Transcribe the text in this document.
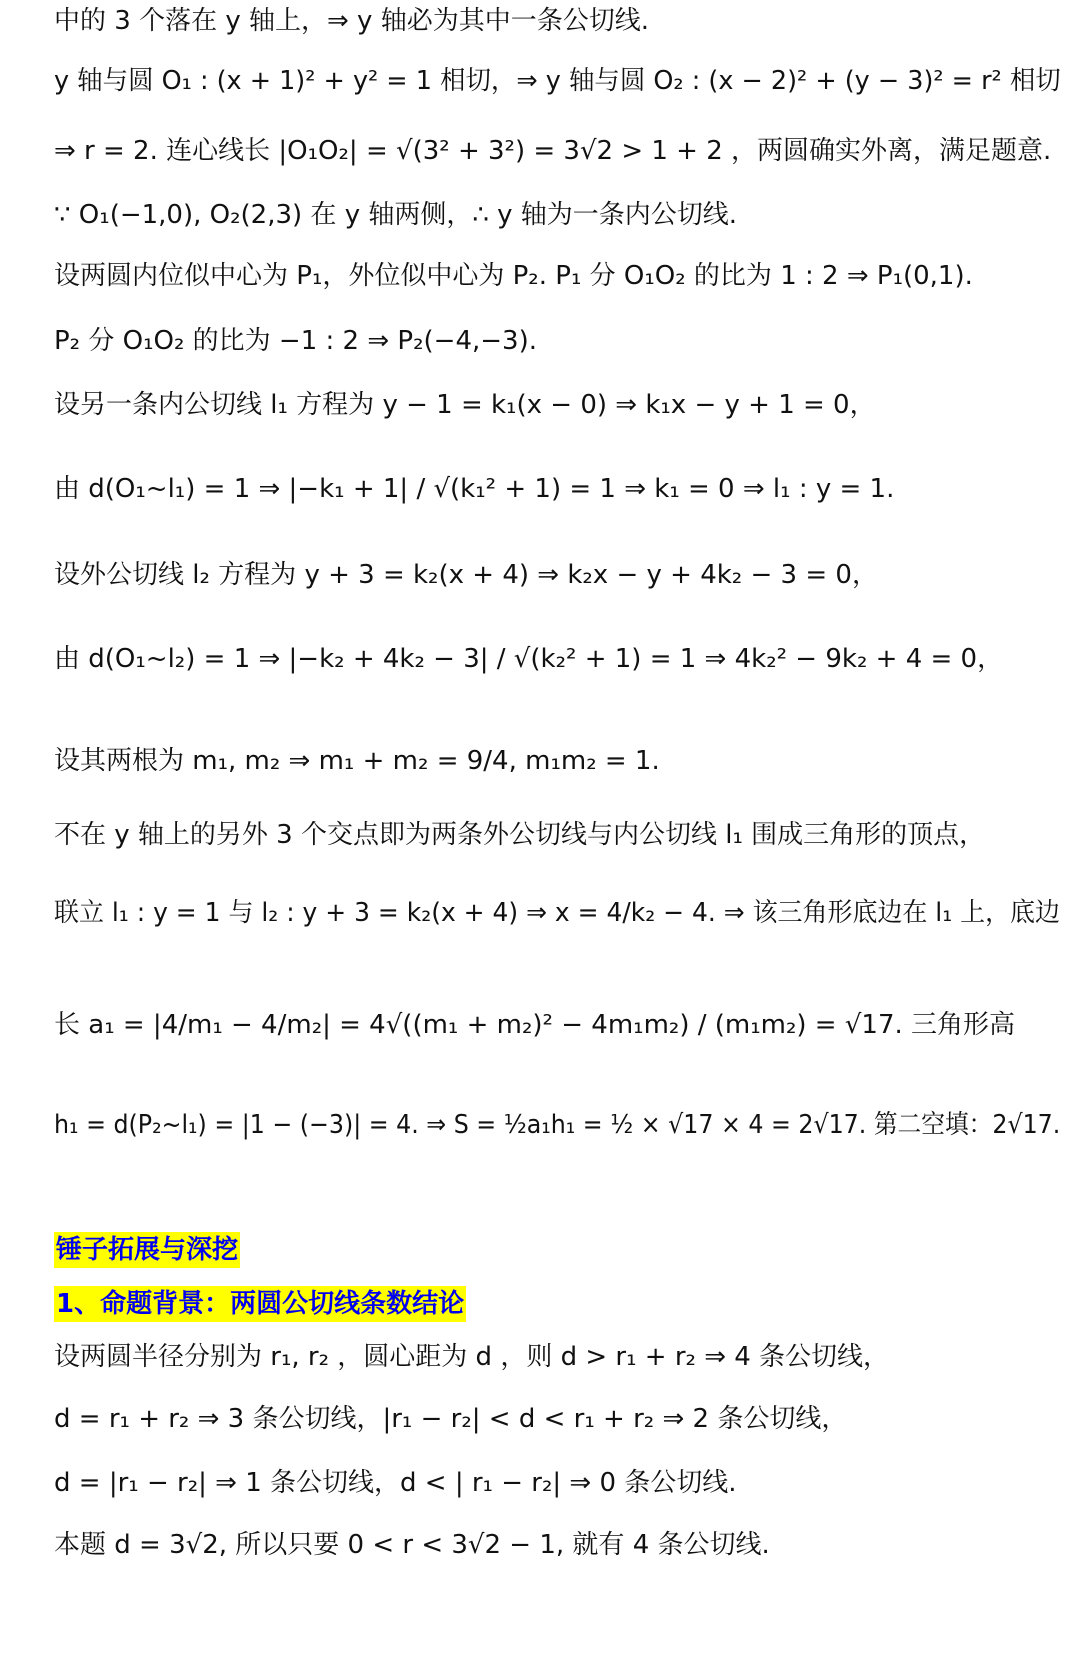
中的 3 个落在 y 轴上，⇒ y 轴必为其中一条公切线.
y 轴与圆 O₁ : (x + 1)² + y² = 1 相切，⇒ y 轴与圆 O₂ : (x − 2)² + (y − 3)² = r² 相切
⇒ r = 2. 连心线长 |O₁O₂| = √(3² + 3²) = 3√2 > 1 + 2 ，两圆确实外离，满足题意.
∵ O₁(−1,0), O₂(2,3) 在 y 轴两侧，∴ y 轴为一条内公切线.
设两圆内位似中心为 P₁，外位似中心为 P₂. P₁ 分 O₁O₂ 的比为 1 : 2 ⇒ P₁(0,1).
P₂ 分 O₁O₂ 的比为 −1 : 2 ⇒ P₂(−4,−3).
设另一条内公切线 l₁ 方程为 y − 1 = k₁(x − 0) ⇒ k₁x − y + 1 = 0，
由 d(O₁~l₁) = 1 ⇒ |−k₁ + 1| / √(k₁² + 1) = 1 ⇒ k₁ = 0 ⇒ l₁ : y = 1.
设外公切线 l₂ 方程为 y + 3 = k₂(x + 4) ⇒ k₂x − y + 4k₂ − 3 = 0，
由 d(O₁~l₂) = 1 ⇒ |−k₂ + 4k₂ − 3| / √(k₂² + 1) = 1 ⇒ 4k₂² − 9k₂ + 4 = 0，
设其两根为 m₁, m₂ ⇒ m₁ + m₂ = 9/4, m₁m₂ = 1.
不在 y 轴上的另外 3 个交点即为两条外公切线与内公切线 l₁ 围成三角形的顶点，
联立 l₁ : y = 1 与 l₂ : y + 3 = k₂(x + 4) ⇒ x = 4/k₂ − 4. ⇒ 该三角形底边在 l₁ 上，底边
长 a₁ = |4/m₁ − 4/m₂| = 4√((m₁ + m₂)² − 4m₁m₂) / (m₁m₂) = √17. 三角形高
h₁ = d(P₂~l₁) = |1 − (−3)| = 4. ⇒ S = ½a₁h₁ = ½ × √17 × 4 = 2√17. 第二空填：2√17.
锤子拓展与深挖
1、命题背景：两圆公切线条数结论
设两圆半径分别为 r₁, r₂ ，圆心距为 d ，则 d > r₁ + r₂ ⇒ 4 条公切线，
d = r₁ + r₂ ⇒ 3 条公切线，|r₁ − r₂| < d < r₁ + r₂ ⇒ 2 条公切线，
d = |r₁ − r₂| ⇒ 1 条公切线，d < | r₁ − r₂| ⇒ 0 条公切线.
本题 d = 3√2, 所以只要 0 < r < 3√2 − 1, 就有 4 条公切线.
